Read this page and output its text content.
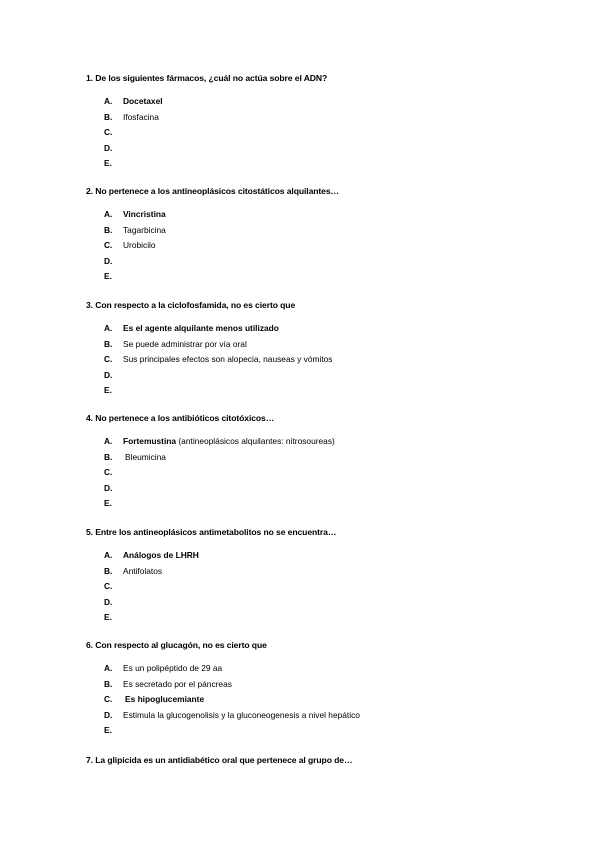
1. De los siguientes fármacos, ¿cuál no actúa sobre el ADN?
A. Docetaxel
B. Ifosfacina
C.
D.
E.
2. No pertenece a los antineoplásicos citostáticos alquilantes…
A. Vincristina
B. Tagarbicina
C. Urobicilo
D.
E.
3. Con respecto a la ciclofosfamida, no es cierto que
A. Es el agente alquilante menos utilizado
B. Se puede administrar por vía oral
C. Sus principales efectos son alopecia, nauseas y vómitos
D.
E.
4. No pertenece a los antibióticos citotóxicos…
A. Fortemustina (antineoplásicos alquilantes: nitrosoureas)
B. Bleumicina
C.
D.
E.
5. Entre los antineoplásicos antimetabolitos no se encuentra…
A. Análogos de LHRH
B. Antifolatos
C.
D.
E.
6. Con respecto al glucagón, no es cierto que
A. Es un polipéptido de 29 aa
B. Es secretado por el páncreas
C. Es hipoglucemiante
D. Estimula la glucogenolisis y la gluconeogenesis a nivel hepático
E.
7. La glipicida es un antidiabético oral que pertenece al grupo de…
